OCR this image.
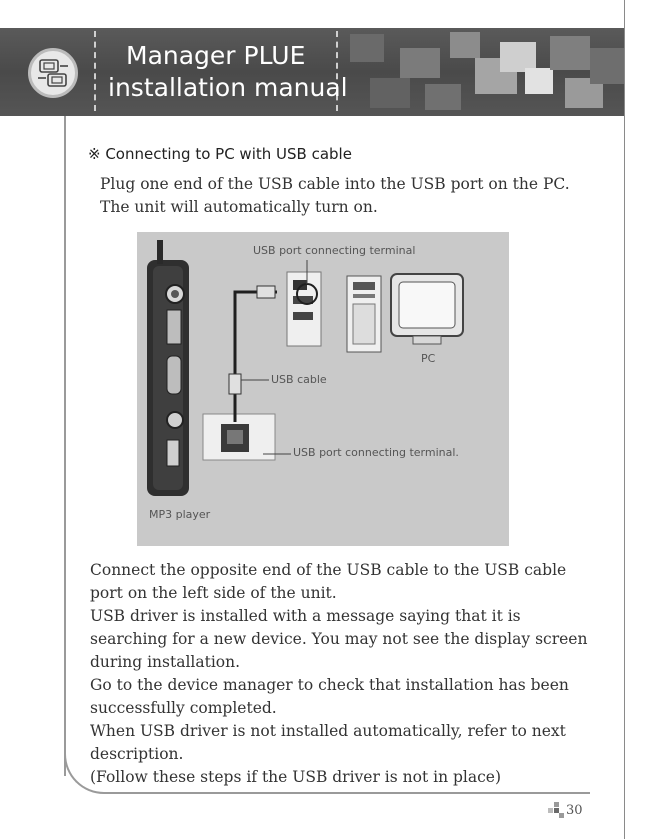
Manager PLUE
installation manual
※ Connecting to PC with USB cable
Plug one end of the USB cable into the USB port on the PC.
The unit will automatically turn on.
USB port connecting terminal
PC
USB cable
USB port connecting terminal.
MP3 player
Connect the opposite end of the USB cable to the USB cable
port on the left side of the unit.
USB driver is installed with a message saying that it is
searching for a new device. You may not see the display screen
during installation.
Go to the device manager to check that installation has been
successfully completed.
When USB driver is not installed automatically, refer to next
description.
(Follow these steps if the USB driver is not in place)
30
